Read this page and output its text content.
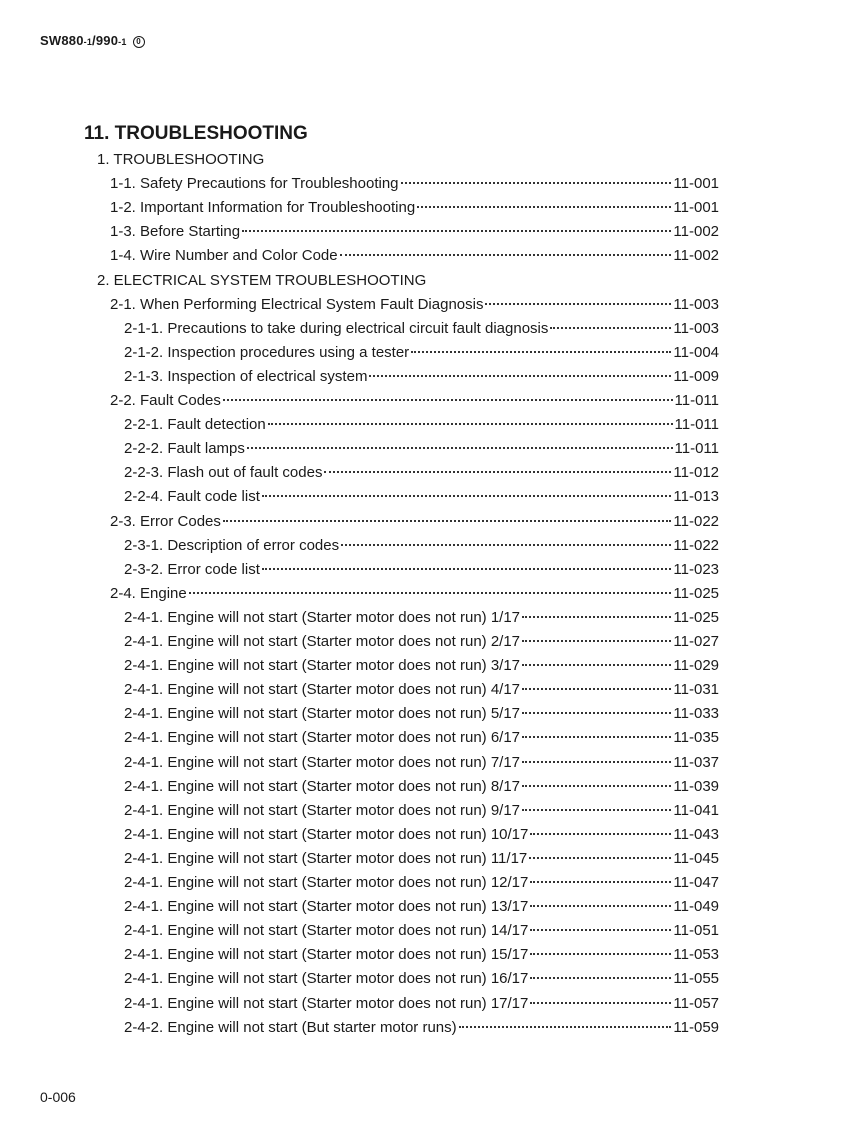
SW880-1/990-1 0
11. TROUBLESHOOTING
1. TROUBLESHOOTING
1-1. Safety Precautions for Troubleshooting	11-001
1-2. Important Information for Troubleshooting	11-001
1-3. Before Starting	11-002
1-4. Wire Number and Color Code	11-002
2. ELECTRICAL SYSTEM TROUBLESHOOTING
2-1. When Performing Electrical System Fault Diagnosis	11-003
2-1-1. Precautions to take during electrical circuit fault diagnosis	11-003
2-1-2. Inspection procedures using a tester	11-004
2-1-3. Inspection of electrical system	11-009
2-2. Fault Codes	11-011
2-2-1. Fault detection	11-011
2-2-2. Fault lamps	11-011
2-2-3. Flash out of fault codes	11-012
2-2-4. Fault code list	11-013
2-3. Error Codes	11-022
2-3-1. Description of error codes	11-022
2-3-2. Error code list	11-023
2-4. Engine	11-025
2-4-1. Engine will not start (Starter motor does not run) 1/17	11-025
2-4-1. Engine will not start (Starter motor does not run) 2/17	11-027
2-4-1. Engine will not start (Starter motor does not run) 3/17	11-029
2-4-1. Engine will not start (Starter motor does not run) 4/17	11-031
2-4-1. Engine will not start (Starter motor does not run) 5/17	11-033
2-4-1. Engine will not start (Starter motor does not run) 6/17	11-035
2-4-1. Engine will not start (Starter motor does not run) 7/17	11-037
2-4-1. Engine will not start (Starter motor does not run) 8/17	11-039
2-4-1. Engine will not start (Starter motor does not run) 9/17	11-041
2-4-1. Engine will not start (Starter motor does not run) 10/17	11-043
2-4-1. Engine will not start (Starter motor does not run) 11/17	11-045
2-4-1. Engine will not start (Starter motor does not run) 12/17	11-047
2-4-1. Engine will not start (Starter motor does not run) 13/17	11-049
2-4-1. Engine will not start (Starter motor does not run) 14/17	11-051
2-4-1. Engine will not start (Starter motor does not run) 15/17	11-053
2-4-1. Engine will not start (Starter motor does not run) 16/17	11-055
2-4-1. Engine will not start (Starter motor does not run) 17/17	11-057
2-4-2. Engine will not start (But starter motor runs)	11-059
0-006
